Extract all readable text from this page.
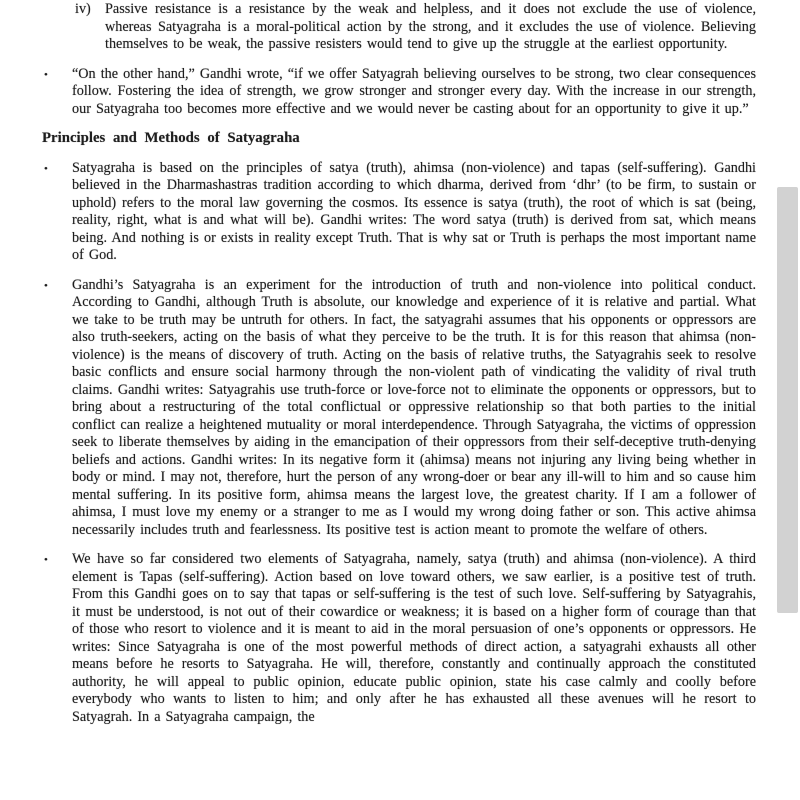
iv) Passive resistance is a resistance by the weak and helpless, and it does not exclude the use of violence, whereas Satyagraha is a moral-political action by the strong, and it excludes the use of violence. Believing themselves to be weak, the passive resisters would tend to give up the struggle at the earliest opportunity.
• “On the other hand,” Gandhi wrote, “if we offer Satyagrah believing ourselves to be strong, two clear consequences follow. Fostering the idea of strength, we grow stronger and stronger every day. With the increase in our strength, our Satyagraha too becomes more effective and we would never be casting about for an opportunity to give it up.”
Principles and Methods of Satyagraha
• Satyagraha is based on the principles of satya (truth), ahimsa (non-violence) and tapas (self-suffering). Gandhi believed in the Dharmashastras tradition according to which dharma, derived from ‘dhr’ (to be firm, to sustain or uphold) refers to the moral law governing the cosmos. Its essence is satya (truth), the root of which is sat (being, reality, right, what is and what will be). Gandhi writes: The word satya (truth) is derived from sat, which means being. And nothing is or exists in reality except Truth. That is why sat or Truth is perhaps the most important name of God.
• Gandhi’s Satyagraha is an experiment for the introduction of truth and non-violence into political conduct. According to Gandhi, although Truth is absolute, our knowledge and experience of it is relative and partial. What we take to be truth may be untruth for others. In fact, the satyagrahi assumes that his opponents or oppressors are also truth-seekers, acting on the basis of what they perceive to be the truth. It is for this reason that ahimsa (non-violence) is the means of discovery of truth. Acting on the basis of relative truths, the Satyagrahis seek to resolve basic conflicts and ensure social harmony through the non-violent path of vindicating the validity of rival truth claims. Gandhi writes: Satyagrahis use truth-force or love-force not to eliminate the opponents or oppressors, but to bring about a restructuring of the total conflictual or oppressive relationship so that both parties to the initial conflict can realize a heightened mutuality or moral interdependence. Through Satyagraha, the victims of oppression seek to liberate themselves by aiding in the emancipation of their oppressors from their self-deceptive truth-denying beliefs and actions. Gandhi writes: In its negative form it (ahimsa) means not injuring any living being whether in body or mind. I may not, therefore, hurt the person of any wrong-doer or bear any ill-will to him and so cause him mental suffering. In its positive form, ahimsa means the largest love, the greatest charity. If I am a follower of ahimsa, I must love my enemy or a stranger to me as I would my wrong doing father or son. This active ahimsa necessarily includes truth and fearlessness. Its positive test is action meant to promote the welfare of others.
• We have so far considered two elements of Satyagraha, namely, satya (truth) and ahimsa (non-violence). A third element is Tapas (self-suffering). Action based on love toward others, we saw earlier, is a positive test of truth. From this Gandhi goes on to say that tapas or self-suffering is the test of such love. Self-suffering by Satyagrahis, it must be understood, is not out of their cowardice or weakness; it is based on a higher form of courage than that of those who resort to violence and it is meant to aid in the moral persuasion of one’s opponents or oppressors. He writes: Since Satyagraha is one of the most powerful methods of direct action, a satyagrahi exhausts all other means before he resorts to Satyagraha. He will, therefore, constantly and continually approach the constituted authority, he will appeal to public opinion, educate public opinion, state his case calmly and coolly before everybody who wants to listen to him; and only after he has exhausted all these avenues will he resort to Satyagrah. In a Satyagraha campaign, the
